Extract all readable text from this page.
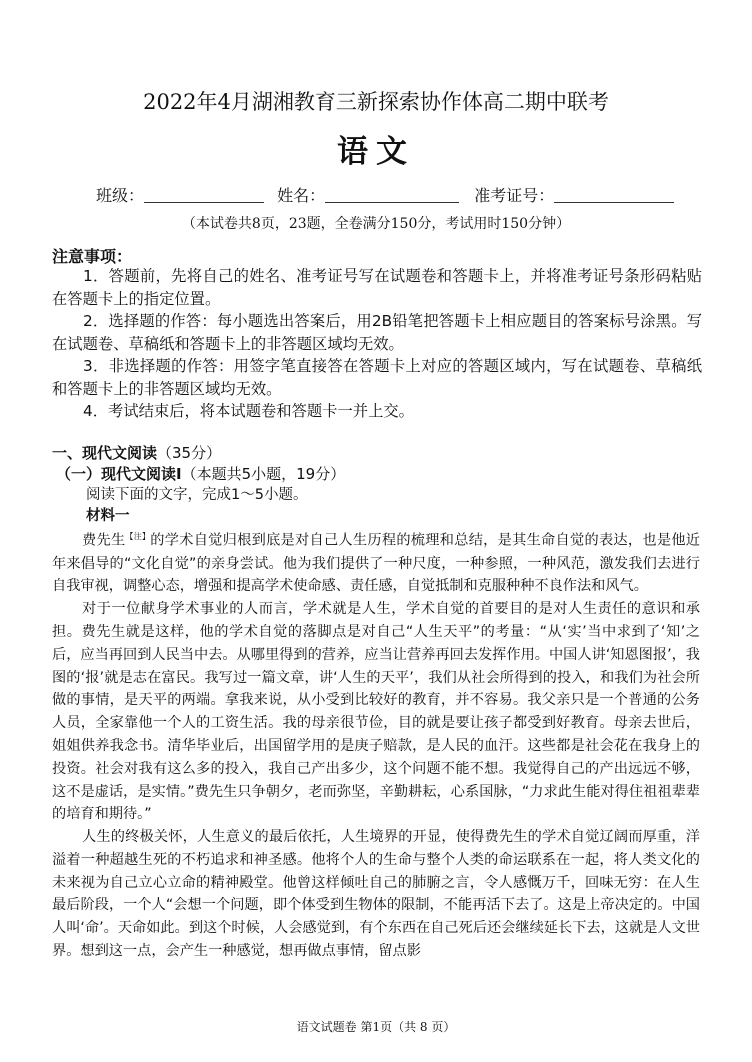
2022年4月湖湘教育三新探索协作体高二期中联考
语文
班级：	姓名：	准考证号：
（本试卷共8页，23题，全卷满分150分，考试用时150分钟）
注意事项：

1．答题前，先将自己的姓名、准考证号写在试题卷和答题卡上，并将准考证号条形码粘贴在答题卡上的指定位置。

2．选择题的作答：每小题选出答案后，用2B铅笔把答题卡上相应题目的答案标号涂黑。写在试题卷、草稿纸和答题卡上的非答题区域均无效。

3．非选择题的作答：用签字笔直接答在答题卡上对应的答题区域内，写在试题卷、草稿纸和答题卡上的非答题区域均无效。

4．考试结束后，将本试题卷和答题卡一并上交。

一、现代文阅读（35分）
（一）现代文阅读Ⅰ（本题共5小题，19分）
阅读下面的文字，完成1～5小题。
材料一

费先生$^{【注】}$的学术自觉归根到底是对自己人生历程的梳理和总结，是其生命自觉的表达，也是他近年来倡导的“文化自觉”的亲身尝试。他为我们提供了一种尺度，一种参照，一种风范，激发我们去进行自我审视，调整心态，增强和提高学术使命感、责任感，自觉抵制和克服种种不良作法和风气。

对于一位献身学术事业的人而言，学术就是人生，学术自觉的首要目的是对人生责任的意识和承担。费先生就是这样，他的学术自觉的落脚点是对自己“人生天平”的考量：“从‘实’当中求到了‘知’之后，应当再回到人民当中去。从哪里得到的营养，应当让营养再回去发挥作用。中国人讲‘知恩图报’，我图的‘报’就是志在富民。我写过一篇文章，讲‘人生的天平’，我们从社会所得到的投入，和我们为社会所做的事情，是天平的两端。拿我来说，从小受到比较好的教育，并不容易。我父亲只是一个普通的公务人员，全家靠他一个人的工资生活。我的母亲很节俭，目的就是要让孩子都受到好教育。母亲去世后，姐姐供养我念书。清华毕业后，出国留学用的是庚子赔款，是人民的血汗。这些都是社会花在我身上的投资。社会对我有这么多的投入，我自己产出多少，这个问题不能不想。我觉得自己的产出远远不够，这不是虚话，是实情。”费先生只争朝夕，老而弥坚，辛勤耕耘，心系国脉，“力求此生能对得住祖祖辈辈的培育和期待。”

人生的终极关怀，人生意义的最后依托，人生境界的开显，使得费先生的学术自觉辽阔而厚重，洋溢着一种超越生死的不朽追求和神圣感。他将个人的生命与整个人类的命运联系在一起，将人类文化的未来视为自己立心立命的精神殿堂。他曾这样倾吐自己的肺腑之言，令人感慨万千，回味无穷：在人生最后阶段，一个人“会想一个问题，即个体受到生物体的限制，不能再活下去了。这是上帝决定的。中国人叫‘命’。天命如此。到这个时候，人会感觉到，有个东西在自己死后还会继续延长下去，这就是人文世界。想到这一点，会产生一种感觉，想再做点事情，留点影

语文试题卷 第1页（共 8 页）
